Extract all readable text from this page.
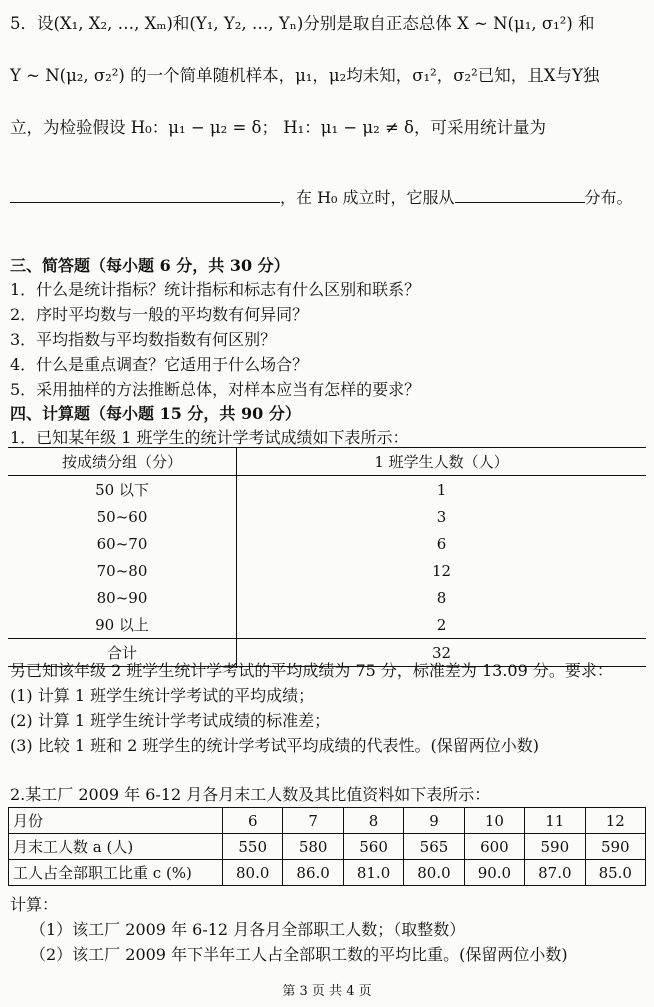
5．设(X₁, X₂, …, Xₘ)和(Y₁, Y₂, …, Yₙ)分别是取自正态总体 X ~ N(μ₁, σ₁²) 和
Y ~ N(μ₂, σ₂²) 的一个简单随机样本，μ₁，μ₂均未知，σ₁²，σ₂²已知，且X与Y独
立，为检验假设 H₀：μ₁ − μ₂ = δ； H₁：μ₁ − μ₂ ≠ δ，可采用统计量为
，在 H₀ 成立时，它服从	分布。
三、简答题（每小题 6 分，共 30 分）
1．什么是统计指标？统计指标和标志有什么区别和联系？
2．序时平均数与一般的平均数有何异同？
3．平均指数与平均数指数有何区别？
4．什么是重点调查？它适用于什么场合？
5．采用抽样的方法推断总体，对样本应当有怎样的要求？
四、计算题（每小题 15 分，共 90 分）
1．已知某年级 1 班学生的统计学考试成绩如下表所示：
按成绩分组（分）	1 班学生人数（人）
50 以下	1
50~60	3
60~70	6
70~80	12
80~90	8
90 以上	2
合计	32
另已知该年级 2 班学生统计学考试的平均成绩为 75 分，标准差为 13.09 分。要求：
(1) 计算 1 班学生统计学考试的平均成绩；
(2) 计算 1 班学生统计学考试成绩的标准差；
(3) 比较 1 班和 2 班学生的统计学考试平均成绩的代表性。(保留两位小数)
2.某工厂 2009 年 6-12 月各月末工人数及其比值资料如下表所示：
月份	6	7	8	9	10	11	12
月末工人数 a (人)	550	580	560	565	600	590	590
工人占全部职工比重 c (%)	80.0	86.0	81.0	80.0	90.0	87.0	85.0
计算：
（1）该工厂 2009 年 6-12 月各月全部职工人数；（取整数）
（2）该工厂 2009 年下半年工人占全部职工数的平均比重。(保留两位小数)
第 3 页 共 4 页
